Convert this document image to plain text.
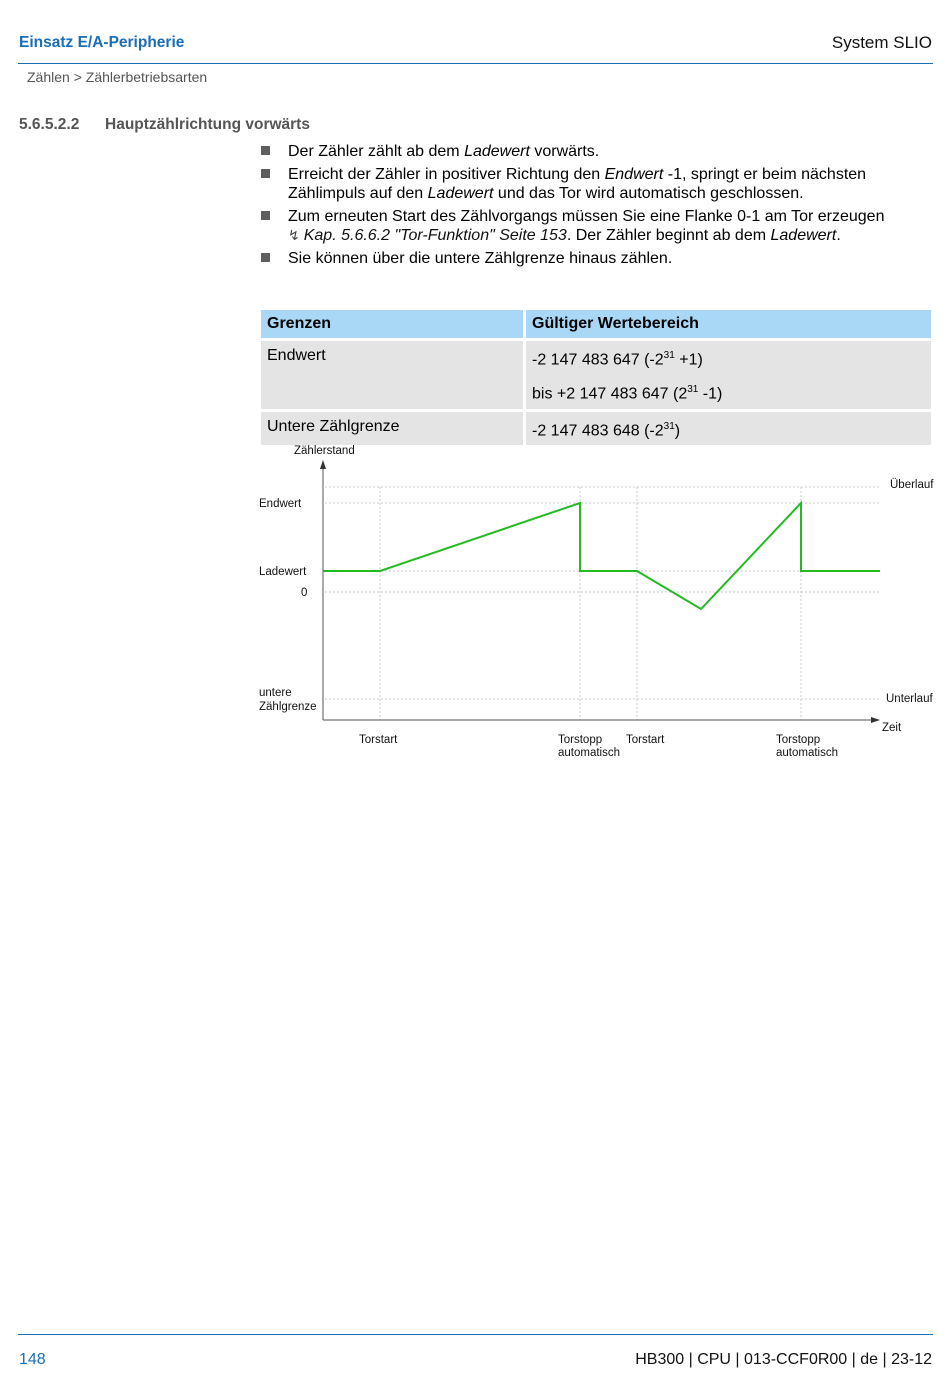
Einsatz E/A-Peripherie	System SLIO
Zählen > Zählerbetriebsarten
5.6.5.2.2 Hauptzählrichtung vorwärts
Der Zähler zählt ab dem Ladewert vorwärts.
Erreicht der Zähler in positiver Richtung den Endwert -1, springt er beim nächsten Zählimpuls auf den Ladewert und das Tor wird automatisch geschlossen.
Zum erneuten Start des Zählvorgangs müssen Sie eine Flanke 0-1 am Tor erzeugen ↯ Kap. 5.6.6.2 "Tor-Funktion" Seite 153. Der Zähler beginnt ab dem Ladewert.
Sie können über die untere Zählgrenze hinaus zählen.
Grenzen	Gültiger Wertebereich

Endwert	-2 147 483 647 $(-2^{31} +1)$
bis +2 147 483 647 ($2^{31}$ -1)

Untere Zählgrenze	-2 147 483 648 $(-2^{31})$
Zählerstand
Zeit
Endwert
Ladewert
0
untere
Zählgrenze
Überlauf
Unterlauf
Torstart	Torstopp
automatisch
Torstart	Torstopp
automatisch
148	HB300 | CPU | 013-CCF0R00 | de | 23-12
